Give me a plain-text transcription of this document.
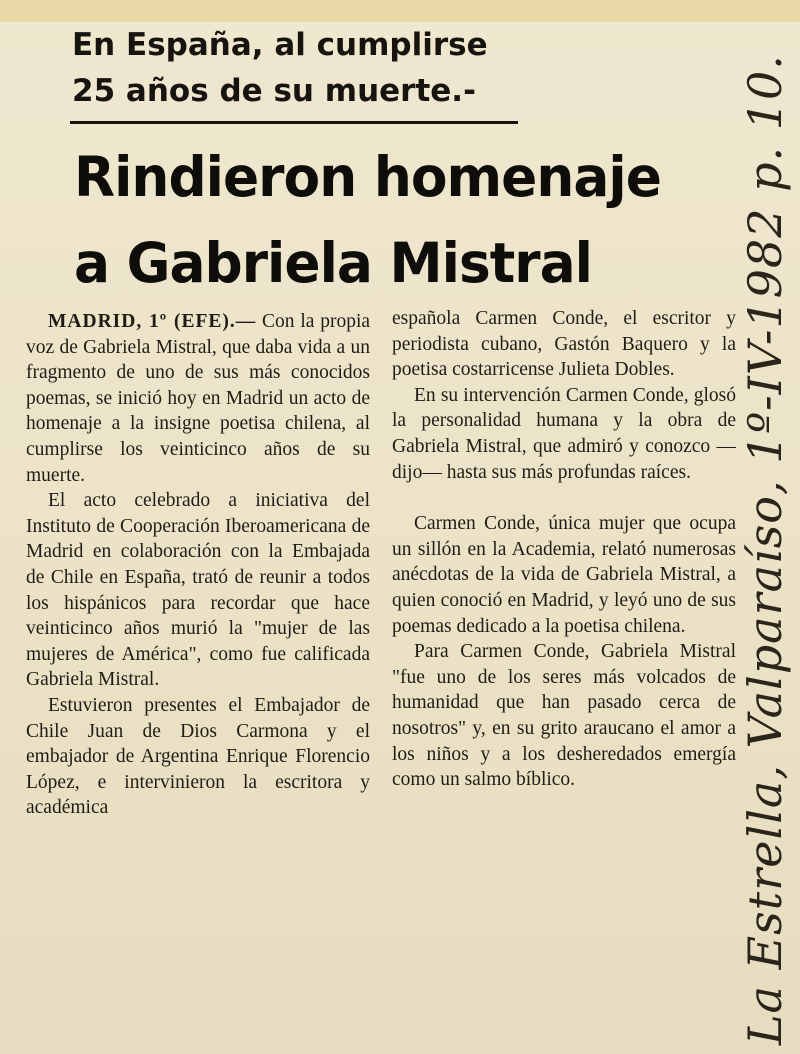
En España, al cumplirse
25 años de su muerte.-
Rindieron homenaje
a Gabriela Mistral

MADRID, 1º (EFE).— Con la propia voz de Gabriela Mistral, que daba vida a un fragmento de uno de sus más conocidos poemas, se inició hoy en Madrid un acto de homenaje a la insigne poetisa chilena, al cumplirse los veinticinco años de su muerte.

El acto celebrado a iniciativa del Instituto de Cooperación Iberoamericana de Madrid en colaboración con la Embajada de Chile en España, trató de reunir a todos los hispánicos para recordar que hace veinticinco años murió la "mujer de las mujeres de América", como fue calificada Gabriela Mistral.

Estuvieron presentes el Embajador de Chile Juan de Dios Carmona y el embajador de Argentina Enrique Florencio López, e intervinieron la escritora y académica

española Carmen Conde, el escritor y periodista cubano, Gastón Baquero y la poetisa costarricense Julieta Dobles.

En su intervención Carmen Conde, glosó la personalidad humana y la obra de Gabriela Mistral, que admiró y conozco —dijo— hasta sus más profundas raíces.

Carmen Conde, única mujer que ocupa un sillón en la Academia, relató numerosas anécdotas de la vida de Gabriela Mistral, a quien conoció en Madrid, y leyó uno de sus poemas dedicado a la poetisa chilena.

Para Carmen Conde, Gabriela Mistral "fue uno de los seres más volcados de humanidad que han pasado cerca de nosotros" y, en su grito araucano el amor a los niños y a los desheredados emergía como un salmo bíblico.	La Estrella, Valparaíso, 1º-IV-1982 p. 10.
